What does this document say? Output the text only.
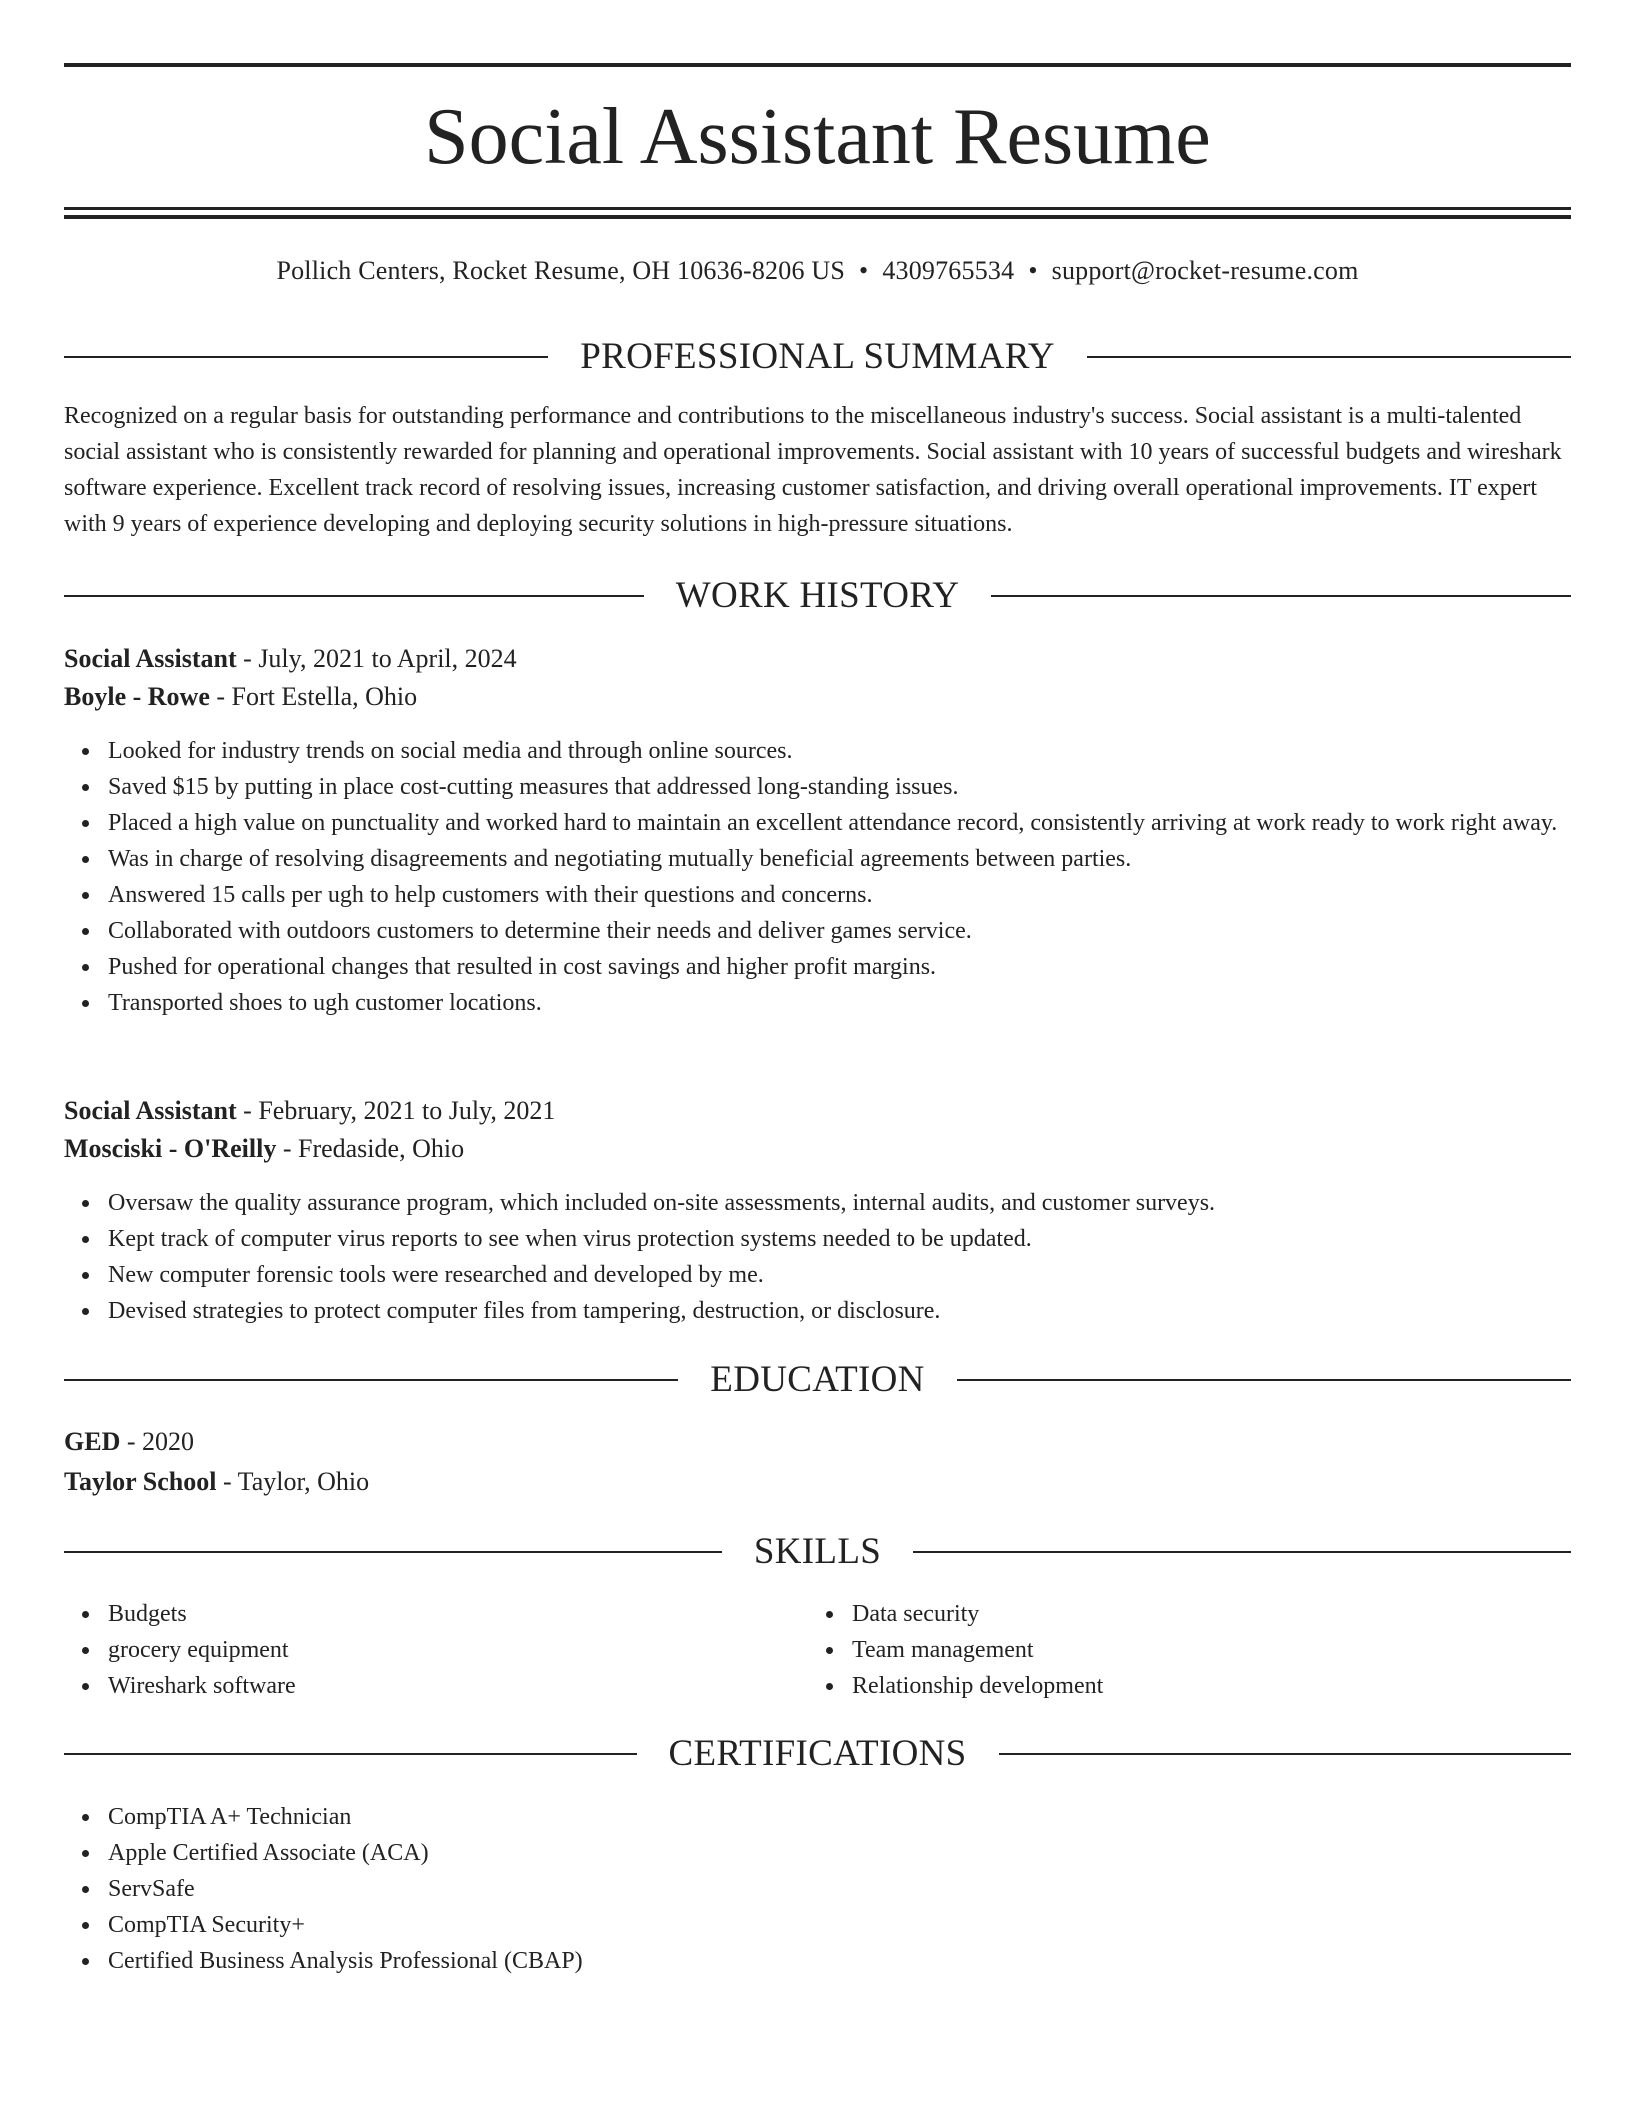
Social Assistant Resume
Pollich Centers, Rocket Resume, OH 10636-8206 US • 4309765534 • support@rocket-resume.com
PROFESSIONAL SUMMARY

Recognized on a regular basis for outstanding performance and contributions to the miscellaneous industry's success. Social assistant is a multi-talented social assistant who is consistently rewarded for planning and operational improvements. Social assistant with 10 years of successful budgets and wireshark software experience. Excellent track record of resolving issues, increasing customer satisfaction, and driving overall operational improvements. IT expert with 9 years of experience developing and deploying security solutions in high-pressure situations.

WORK HISTORY
Social Assistant - July, 2021 to April, 2024
Boyle - Rowe - Fort Estella, Ohio
Looked for industry trends on social media and through online sources.
Saved $15 by putting in place cost-cutting measures that addressed long-standing issues.
Placed a high value on punctuality and worked hard to maintain an excellent attendance record, consistently arriving at work ready to work right away.
Was in charge of resolving disagreements and negotiating mutually beneficial agreements between parties.
Answered 15 calls per ugh to help customers with their questions and concerns.
Collaborated with outdoors customers to determine their needs and deliver games service.
Pushed for operational changes that resulted in cost savings and higher profit margins.
Transported shoes to ugh customer locations.
Social Assistant - February, 2021 to July, 2021
Mosciski - O'Reilly - Fredaside, Ohio
Oversaw the quality assurance program, which included on-site assessments, internal audits, and customer surveys.
Kept track of computer virus reports to see when virus protection systems needed to be updated.
New computer forensic tools were researched and developed by me.
Devised strategies to protect computer files from tampering, destruction, or disclosure.
EDUCATION
GED - 2020
Taylor School - Taylor, Ohio
SKILLS
Budgets
grocery equipment
Wireshark software
Data security
Team management
Relationship development
CERTIFICATIONS
CompTIA A+ Technician
Apple Certified Associate (ACA)
ServSafe
CompTIA Security+
Certified Business Analysis Professional (CBAP)
